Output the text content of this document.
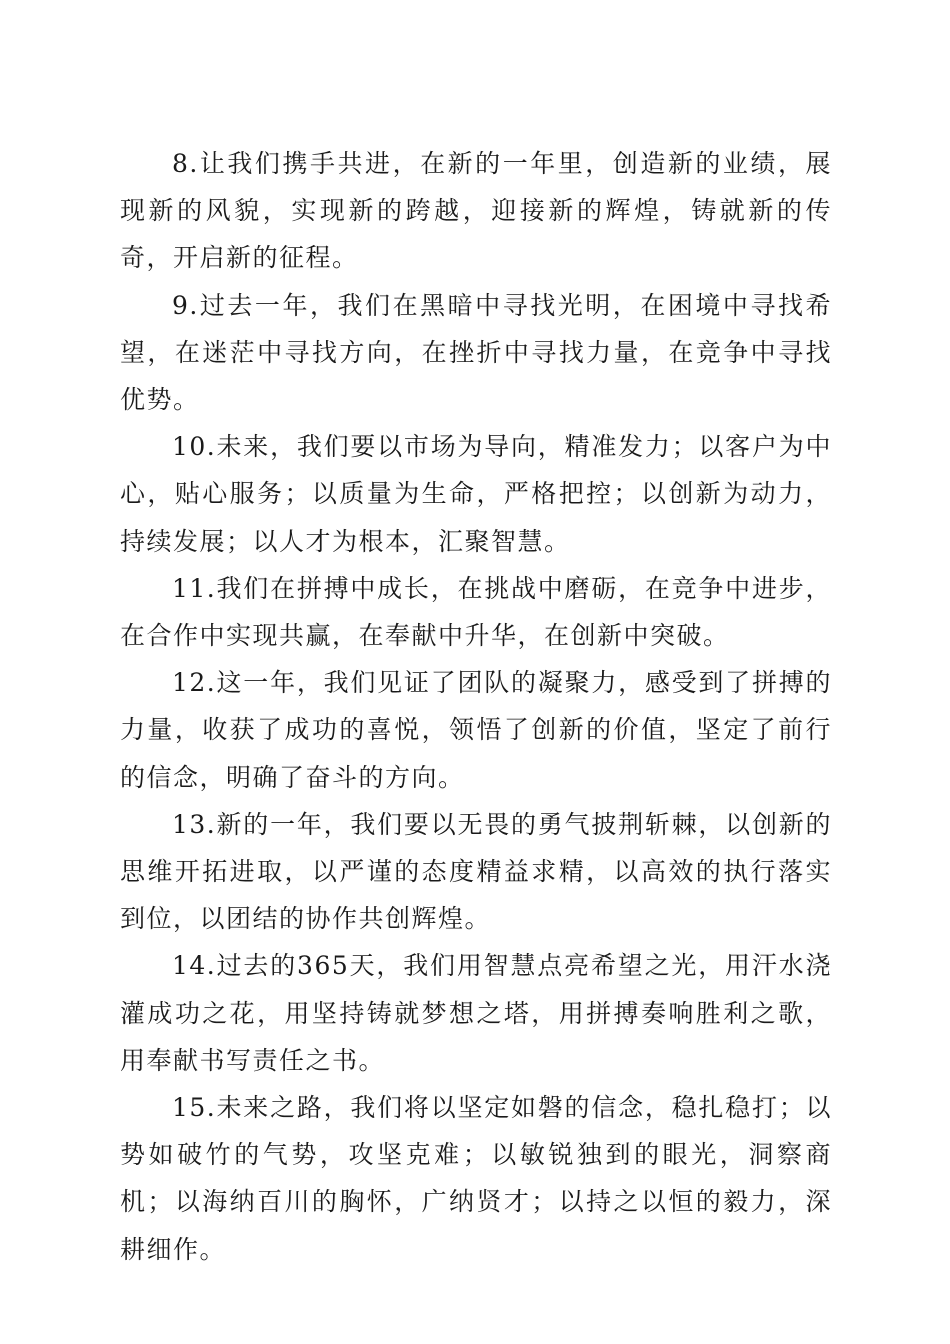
8.让我们携手共进，在新的一年里，创造新的业绩，展现新的风貌，实现新的跨越，迎接新的辉煌，铸就新的传奇，开启新的征程。

9.过去一年，我们在黑暗中寻找光明，在困境中寻找希望，在迷茫中寻找方向，在挫折中寻找力量，在竞争中寻找优势。

10.未来，我们要以市场为导向，精准发力；以客户为中心，贴心服务；以质量为生命，严格把控；以创新为动力，持续发展；以人才为根本，汇聚智慧。

11.我们在拼搏中成长，在挑战中磨砺，在竞争中进步，在合作中实现共赢，在奉献中升华，在创新中突破。

12.这一年，我们见证了团队的凝聚力，感受到了拼搏的力量，收获了成功的喜悦，领悟了创新的价值，坚定了前行的信念，明确了奋斗的方向。

13.新的一年，我们要以无畏的勇气披荆斩棘，以创新的思维开拓进取，以严谨的态度精益求精，以高效的执行落实到位，以团结的协作共创辉煌。

14.过去的365天，我们用智慧点亮希望之光，用汗水浇灌成功之花，用坚持铸就梦想之塔，用拼搏奏响胜利之歌，用奉献书写责任之书。

15.未来之路，我们将以坚定如磐的信念，稳扎稳打；以势如破竹的气势，攻坚克难；以敏锐独到的眼光，洞察商机；以海纳百川的胸怀，广纳贤才；以持之以恒的毅力，深耕细作。
